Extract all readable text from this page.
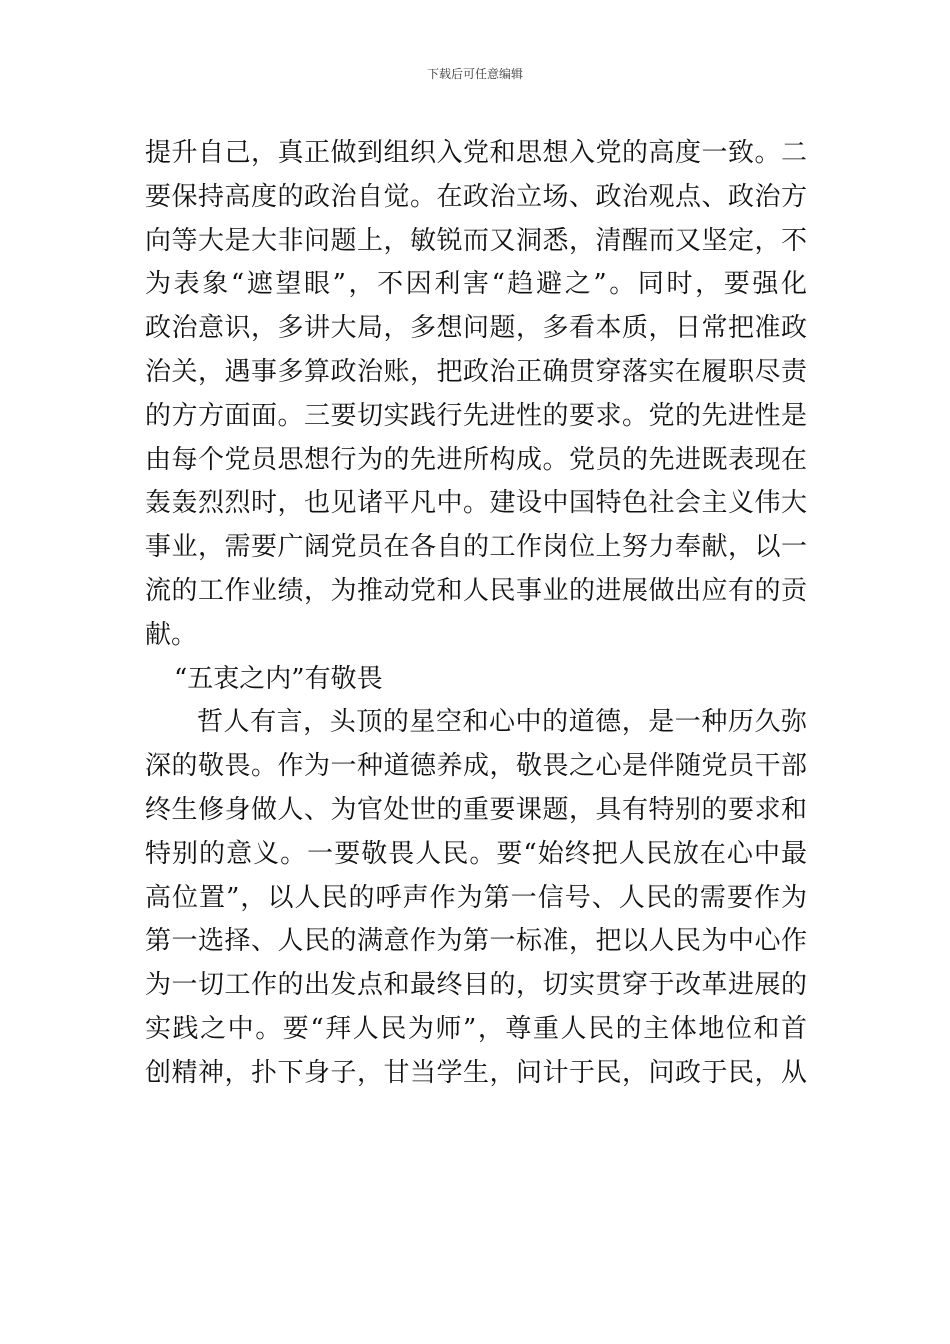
下载后可任意编辑
提升自己，真正做到组织入党和思想入党的高度一致。二
要保持高度的政治自觉。在政治立场、政治观点、政治方
向等大是大非问题上，敏锐而又洞悉，清醒而又坚定，不
为表象“遮望眼”，不因利害“趋避之”。同时，要强化
政治意识，多讲大局，多想问题，多看本质，日常把准政
治关，遇事多算政治账，把政治正确贯穿落实在履职尽责
的方方面面。三要切实践行先进性的要求。党的先进性是
由每个党员思想行为的先进所构成。党员的先进既表现在
轰轰烈烈时，也见诸平凡中。建设中国特色社会主义伟大
事业，需要广阔党员在各自的工作岗位上努力奉献，以一
流的工作业绩，为推动党和人民事业的进展做出应有的贡
献。
“五衷之内”有敬畏
哲人有言，头顶的星空和心中的道德，是一种历久弥
深的敬畏。作为一种道德养成，敬畏之心是伴随党员干部
终生修身做人、为官处世的重要课题，具有特别的要求和
特别的意义。一要敬畏人民。要“始终把人民放在心中最
高位置”，以人民的呼声作为第一信号、人民的需要作为
第一选择、人民的满意作为第一标准，把以人民为中心作
为一切工作的出发点和最终目的，切实贯穿于改革进展的
实践之中。要“拜人民为师”，尊重人民的主体地位和首
创精神，扑下身子，甘当学生，问计于民，问政于民，从
